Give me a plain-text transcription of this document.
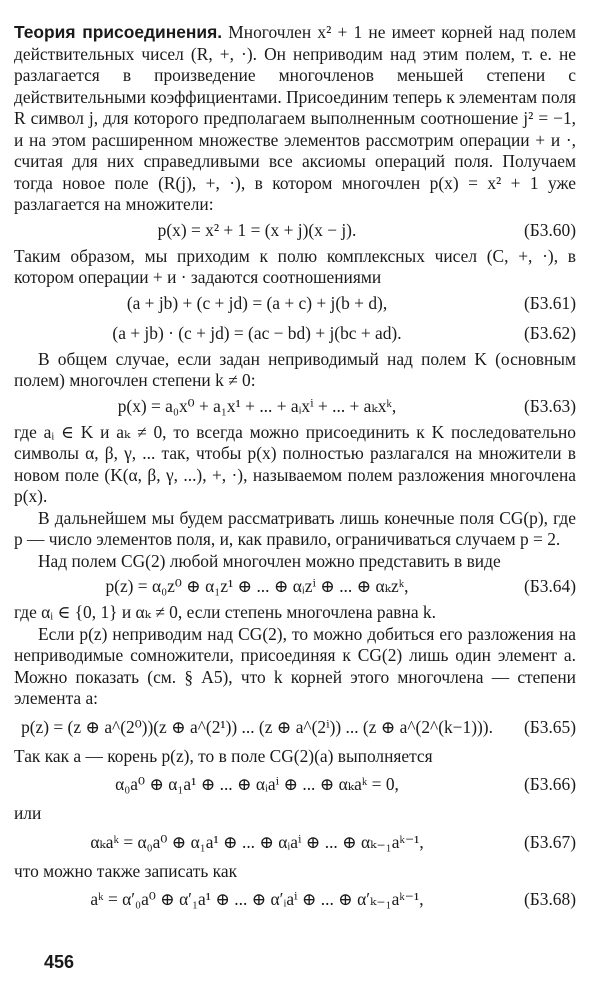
Теория присоединения. Многочлен x² + 1 не имеет корней над полем действительных чисел (R, +, ·). Он неприводим над этим полем, т. е. не разлагается в произведение многочленов меньшей степени с действительными коэффициентами. Присоединим теперь к элементам поля R символ j, для которого предполагаем выполненным соотношение j² = −1, и на этом расширенном множестве элементов рассмотрим операции + и ·, считая для них справедливыми все аксиомы операций поля. Получаем тогда новое поле (R(j), +, ·), в котором многочлен p(x) = x² + 1 уже разлагается на множители:

p(x) = x² + 1 = (x + j)(x − j).	(Б3.60)

Таким образом, мы приходим к полю комплексных чисел (C, +, ·), в котором операции + и · задаются соотношениями

(a + jb) + (c + jd) = (a + c) + j(b + d),	(Б3.61)
(a + jb) · (c + jd) = (ac − bd) + j(bc + ad).	(Б3.62)

В общем случае, если задан неприводимый над полем K (основным полем) многочлен степени k ≠ 0:

p(x) = a₀x⁰ + a₁x¹ + ... + aᵢxⁱ + ... + aₖxᵏ,	(Б3.63)

где aᵢ ∈ K и aₖ ≠ 0, то всегда можно присоединить к K последовательно символы α, β, γ, ... так, чтобы p(x) полностью разлагался на множители в новом поле (K(α, β, γ, ...), +, ·), называемом полем разложения многочлена p(x).

В дальнейшем мы будем рассматривать лишь конечные поля CG(p), где p — число элементов поля, и, как правило, ограничиваться случаем p = 2.

Над полем CG(2) любой многочлен можно представить в виде

p(z) = α₀z⁰ ⊕ α₁z¹ ⊕ ... ⊕ αᵢzⁱ ⊕ ... ⊕ αₖzᵏ,	(Б3.64)

где αᵢ ∈ {0, 1} и αₖ ≠ 0, если степень многочлена равна k.

Если p(z) неприводим над CG(2), то можно добиться его разложения на неприводимые сомножители, присоединяя к CG(2) лишь один элемент a. Можно показать (см. § А5), что k корней этого многочлена — степени элемента a:

p(z) = (z ⊕ a^(2⁰))(z ⊕ a^(2¹)) ... (z ⊕ a^(2ⁱ)) ... (z ⊕ a^(2^(k−1))).	(Б3.65)

Так как a — корень p(z), то в поле CG(2)(a) выполняется

α₀a⁰ ⊕ α₁a¹ ⊕ ... ⊕ αᵢaⁱ ⊕ ... ⊕ αₖaᵏ = 0,	(Б3.66)

или

αₖaᵏ = α₀a⁰ ⊕ α₁a¹ ⊕ ... ⊕ αᵢaⁱ ⊕ ... ⊕ αₖ₋₁aᵏ⁻¹,	(Б3.67)

что можно также записать как

aᵏ = α′₀a⁰ ⊕ α′₁a¹ ⊕ ... ⊕ α′ᵢaⁱ ⊕ ... ⊕ α′ₖ₋₁aᵏ⁻¹,	(Б3.68)
456
